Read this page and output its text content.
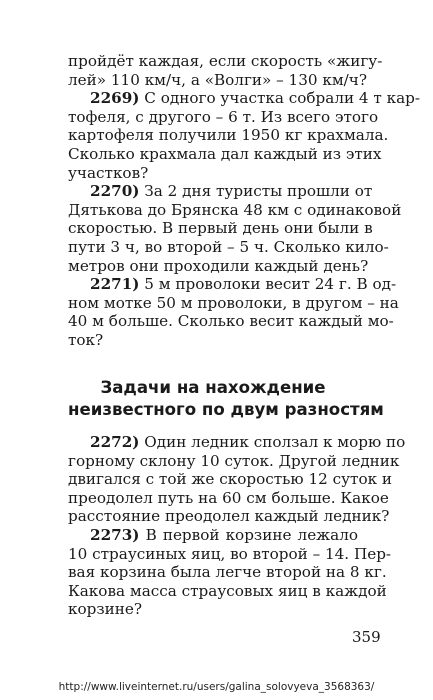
пройдёт каждая, если скорость «жигу-
лей» 110 км/ч, а «Волги» – 130 км/ч?

2269) С одного участка собрали 4 т кар-
тофеля, с другого – 6 т. Из всего этого
картофеля получили 1950 кг крахмала.
Сколько крахмала дал каждый из этих
участков?

2270) За 2 дня туристы прошли от
Дятькова до Брянска 48 км с одинаковой
скоростью. В первый день они были в
пути 3 ч, во второй – 5 ч. Сколько кило-
метров они проходили каждый день?

2271) 5 м проволоки весит 24 г. В од-
ном мотке 50 м проволоки, в другом – на
40 м больше. Сколько весит каждый мо-
ток?

Задачи на нахождение
неизвестного по двум разностям

2272) Один ледник сползал к морю по
горному склону 10 суток. Другой ледник
двигался с той же скоростью 12 суток и
преодолел путь на 60 см больше. Какое
расстояние преодолел каждый ледник?

2273) В первой корзине лежало
10 страусиных яиц, во второй – 14. Пер-
вая корзина была легче второй на 8 кг.
Какова масса страусовых яиц в каждой
корзине?

359
http://www.liveinternet.ru/users/galina_solovyeva_3568363/
